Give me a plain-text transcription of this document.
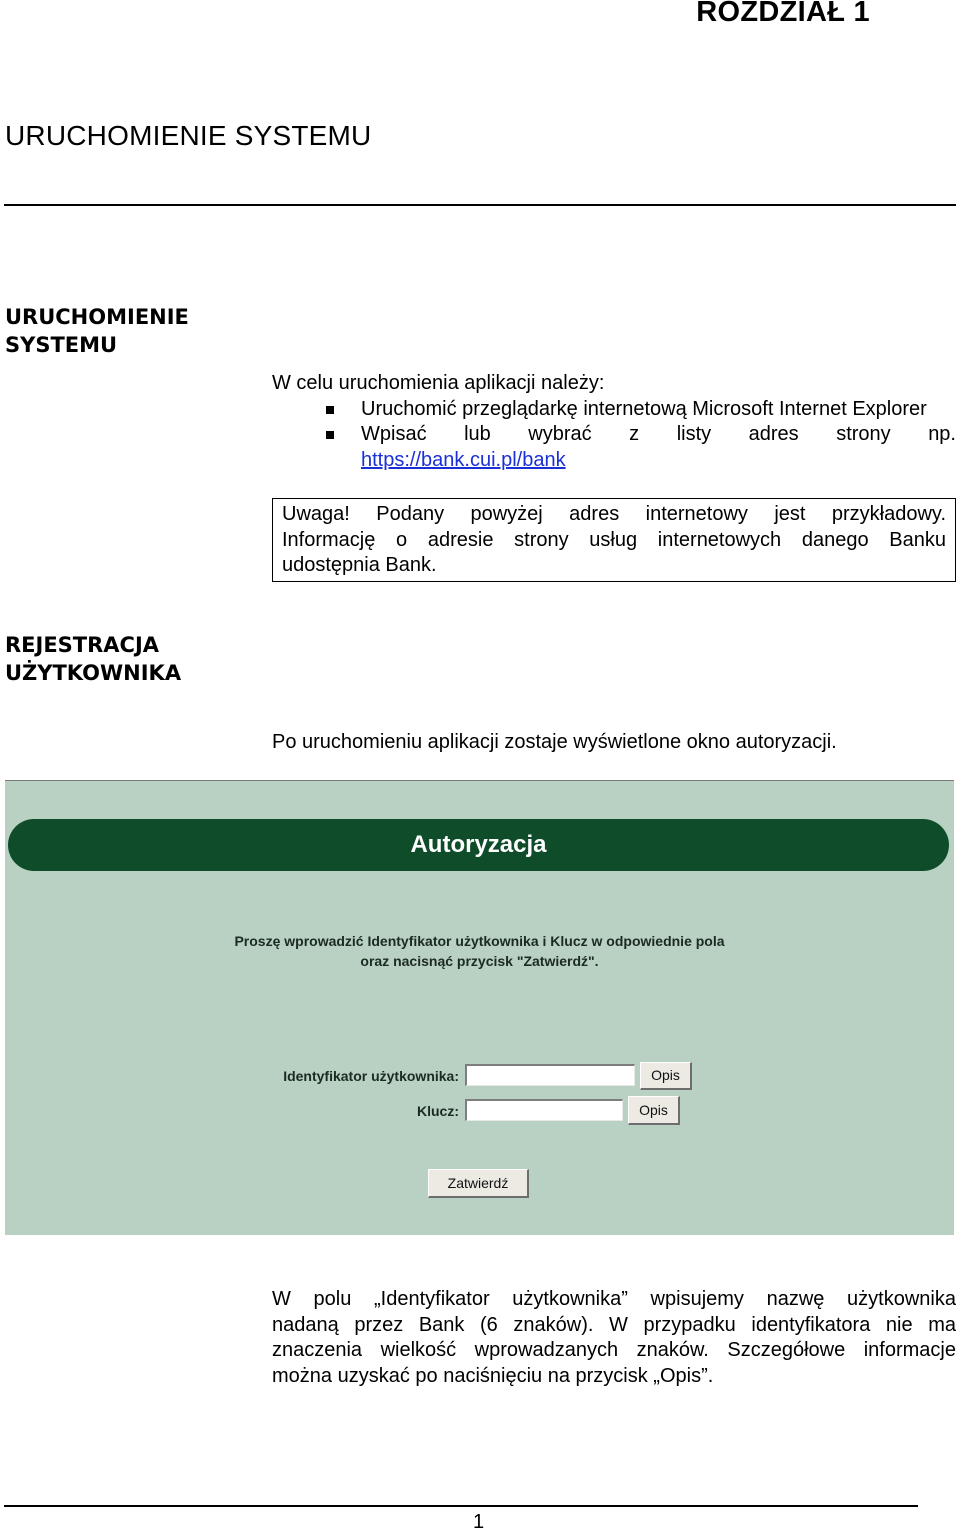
ROZDZIAŁ 1
URUCHOMIENIE SYSTEMU
URUCHOMIENIE
SYSTEMU
W celu uruchomienia aplikacji należy:
Uruchomić przeglądarkę internetową Microsoft Internet Explorer
Wpisać lub wybrać z listy adres strony np.
https://bank.cui.pl/bank
Uwaga! Podany powyżej adres internetowy jest przykładowy.
Informację o adresie strony usług internetowych danego Banku
udostępnia Bank.
REJESTRACJA
UŻYTKOWNIKA
Po uruchomieniu aplikacji zostaje wyświetlone okno autoryzacji.
Autoryzacja
Proszę wprowadzić Identyfikator użytkownika i Klucz w odpowiednie pola
oraz nacisnąć przycisk "Zatwierdź".
Identyfikator użytkownika:	Opis
Klucz:	Opis
Zatwierdź
W polu „Identyfikator użytkownika” wpisujemy nazwę użytkownika
nadaną przez Bank (6 znaków). W przypadku identyfikatora nie ma
znaczenia wielkość wprowadzanych znaków. Szczegółowe informacje
można uzyskać po naciśnięciu na przycisk „Opis”.
1
